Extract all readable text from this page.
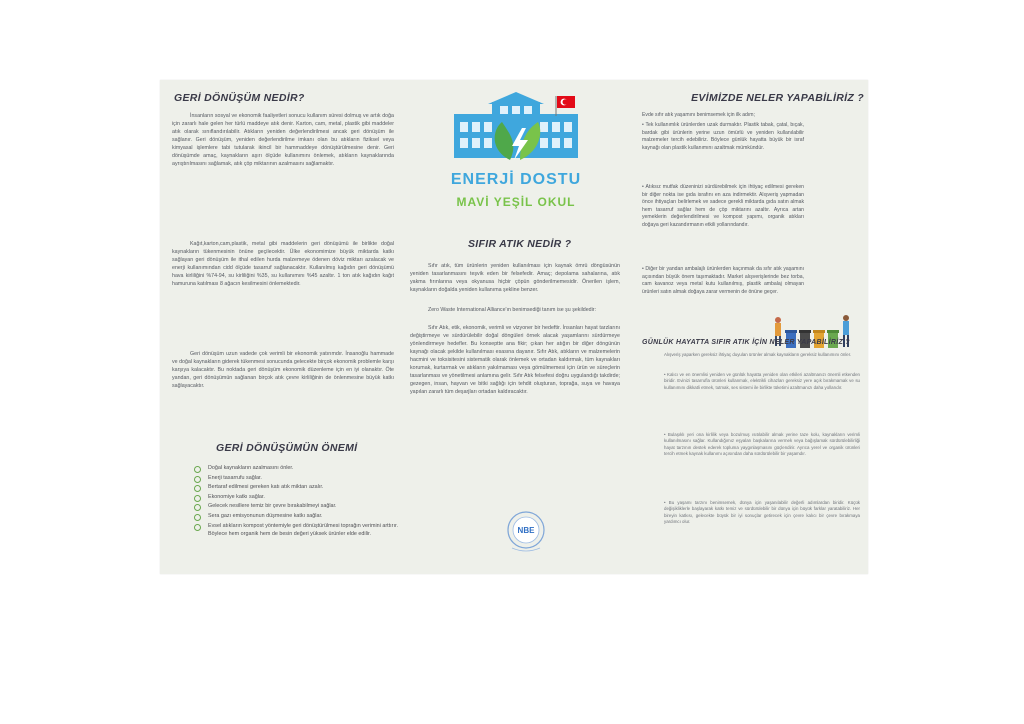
GERİ DÖNÜŞÜM NEDİR?

İnsanların sosyal ve ekonomik faaliyetleri sonucu kullanım süresi dolmuş ve artık doğa için zararlı hale gelen her türlü maddeye atık denir. Karton, cam, metal, plastik gibi maddeler atık olarak sınıflandırılabilir. Atıkların yeniden değerlendirilmesi ancak geri dönüşüm ile sağlanır. Geri dönüşüm, yeniden değerlendirilme imkanı olan bu atıkların fiziksel veya kimyasal işlemlere tabi tutularak ikincil bir hammaddeye dönüştürülmesine denir. Geri dönüşümde amaç, kaynakların aşırı ölçüde kullanımını önlemek, atıkların kaynaklarında ayrıştırılmasını sağlamak, atık çöp miktarının azalmasını sağlamaktır.

Kağıt,karton,cam,plastik, metal gibi maddelerin geri dönüşümü ile birlikte doğal kaynakların tükenmesinin önüne geçilecektir. Ülke ekonomimize büyük miktarda katkı sağlayan geri dönüşüm ile ithal edilen hurda malzemeye ödenen döviz miktarı azalacak ve enerji kullanımından cidd ölçüde tasarruf sağlanacaktır. Kullanılmış kağıdın geri dönüşümü hava kirliliğini %74-94, su kirliliğini %35, su kullanımını %45 azaltır. 1 ton atık kağıdın kağıt hamuruna katılması 8 ağacın kesilmesini önlemektedir.

Geri dönüşüm uzun vadede çok verimli bir ekonomik yatırımdır. İnsanoğlu hammade ve doğal kaynakların giderek tükenmesi sonucunda gelecekte birçok ekonomik problemle karşı karşıya kalacaktır. Bu noktada geri dönüşüm ekonomik düzenleme için en iyi olanaktır. Öte yandan, geri dönüşümün sağlanan birçok atık çevre kirliliğinin de önlenmesine büyük katkı sağlayacaktır.

GERİ DÖNÜŞÜMÜN ÖNEMİ
Doğal kaynakların azalmasını önler.
Enerji tasarrufu sağlar.
Bertaraf edilmesi gereken katı atık miktarı azalır.
Ekonomiye katkı sağlar.
Gelecek nesillere temiz bir çevre bırakabilmeyi sağlar.
Sera gazı emisyonunun düşmesine katkı sağlar.
Evsel atıkların kompost yöntemiyle geri dönüştürülmesi toprağın verimini arttırır. Böylece hem organik hem de besin değeri yüksek ürünler elde edilir.
ENERJİ DOSTU
MAVİ YEŞİL OKUL
SIFIR ATIK NEDİR ?

Sıfır atık, tüm ürünlerin yeniden kullanılması için kaynak ömrü döngüsünün yeniden tasarlanmasını teşvik eden bir felsefedir. Amaç; depolama sahalarına, atık yakma fırınlarına veya okyanusa hiçbir çöpün gönderilmemesidir. Önerilen işlem, kaynakların doğalda yeniden kullanıma şekline benzer.

Zero Waste International Alliance'ın benimsediği tanım ise şu şekildedir:

Sıfır Atık, etik, ekonomik, verimli ve vizyoner bir hedeftir. İnsanları hayat tarzlarını değiştirmeye ve sürdürülebilir doğal döngüleri örnek alacak yaşamlarını sürdürmeye yönlendirmeye hedefler. Bu konseptte ana fikir; çıkan her atığın bir diğer döngünün kaynağı olacak şekilde kullanılması esasına dayanır. Sıfır Atık, atıkların ve malzemelerin hacmini ve toksisitesini sistematik olarak önlemek ve ortadan kaldırmak, tüm kaynakları korumak, kurtarmak ve atıkların yakılmaması veya gömülmemesi için ürün ve süreçlerin tasarlanması ve yönetilmesi anlamına gelir. Sıfır Atık felsefesi doğru uygulandığı takdirde; gezegen, insan, hayvan ve bitki sağlığı için tehdit oluşturan, toprağa, suya ve havaya yapılan zararlı tüm deşarjları ortadan kaldıracaktır.

NBE
EVİMİZDE NELER YAPABİLİRİZ ?

Evde sıfır atık yaşamını benimsemek için ilk adım;

• Tek kullanımlık ürünlerden uzak durmaktır. Plastik tabak, çatal, bıçak, bardak gibi ürünlerin yerine uzun ömürlü ve yeniden kullanılabilir malzemeler tercih edebiliriz. Böylece günlük hayatta büyük bir israf kaynağı olan plastik kullanımını azaltmak mümkündür.

• Atıksız mutfak düzeninizi sürdürebilmek için ihtiyaç edilmesi gereken bir diğer nokta ise gıda israfını en aza indirmektir. Alışveriş yapmadan önce ihtiyaçları belirlemek ve sadece gerekli miktarda gıda satın almak hem tasarruf sağlar hem de çöp miktarını azaltır. Ayrıca artan yemeklerin değerlendirilmesi ve kompost yapımı, organik atıkları doğaya geri kazandırmanın etkili yollarındandır.

• Diğer bir yandan ambalajlı ürünlerden kaçınmak da sıfır atık yaşamını açısından büyük önem taşımaktadır. Market alışverişlerinde bez torba, cam kavanoz veya metal kutu kullanılmış, plastik ambalaj olmayan ürünleri satın almak doğaya zarar vermenin de önüne geçer.

GÜNLÜK HAYATTA SIFIR ATIK İÇİN NELER YAPABİLİRİZ ?

Alışveriş yaparken gereksiz ihtiyaç duyulan ürünler almak kaynakların gereksiz kullanımını önler.

• Kalıcı ve en önemlisi yeniden ve günlük hayatta yeniden olan etkileri azaltmanızı önemli etkenden biridir. Evinizi tasarrufla ürünleri kullanmak, elektrikli cihazları gereksiz yere açık bırakmamak ve su kullanımını dikkatli etmek, tutmak, ses sistemi ile birlikte tüketimi azaltmanızı daha yollarıdır.

• Bulaşıklı yeri ona kirlilik veya bozulmuş ısıtılabilir almak yerine taze kolu, kaynakların verimli kullanılmasını sağlar. Kullandığımız eşyaları başkalarına vermek veya bağışlamak sürdürülebilirliği hayat tarzının destek ederek topluma yaygınlaşmasını güçlendirir. Ayrıca yerel ve organik ürünleri tercih etmek kaynak kullanımı açısından daha sürdürülebilir bir yaşamdır.

• Bu yaşamı tarzını benimsemek, dünya için yaşanılabilir değerli adımlardan biridir. Küçük değişikliklerle başlayarak katkı temiz ve sürdürülebilir bir dünya için büyük farklar yaratabiliriz. Her bireyin katkısı, gelecekte büyük bir iyi sonuçlar getirecek için çevre kalıcı bir çevre bırakmaya yardımcı olur.
